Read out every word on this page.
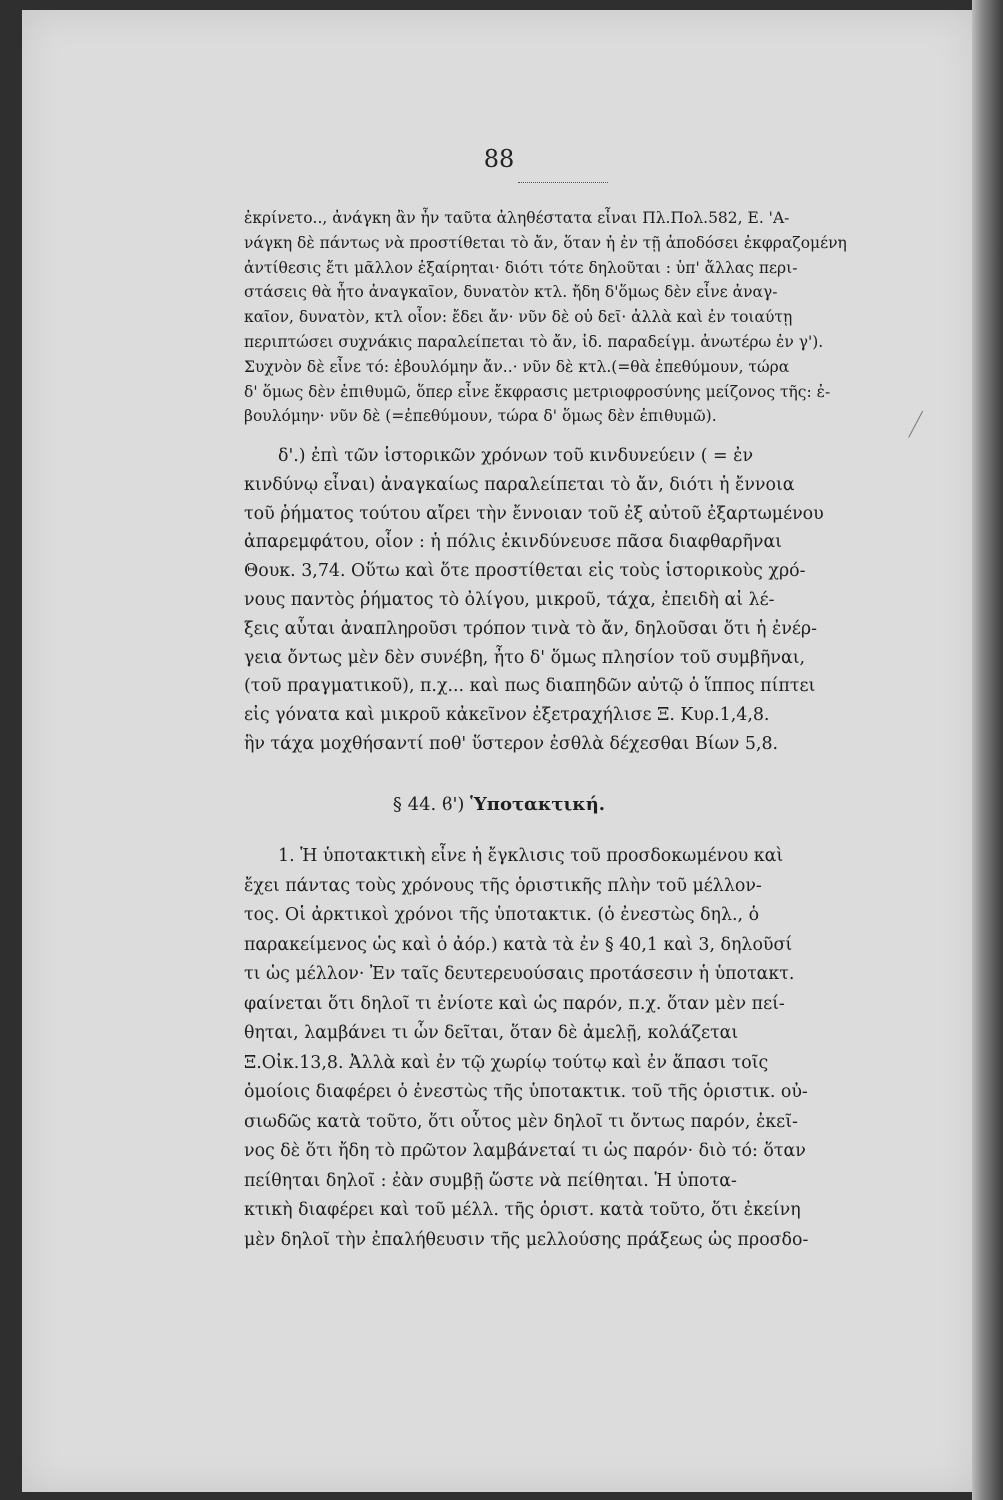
88
ἐκρίνετο.., ἀνάγκη ἂν ἦν ταῦτα ἀληθέστατα εἶναι Πλ.Πολ.582, Ε. 'Α-
νάγκη δὲ πάντως νὰ προστίθεται τὸ ἄν, ὅταν ἡ ἐν τῇ ἀποδόσει ἐκφραζομένη
ἀντίθεσις ἔτι μᾶλλον ἐξαίρηται· διότι τότε δηλοῦται : ὑπ' ἄλλας περι-
στάσεις θὰ ἦτο ἀναγκαῖον, δυνατὸν κτλ. ἤδη δ'ὅμως δὲν εἶνε ἀναγ-
καῖον, δυνατὸν, κτλ οἷον: ἔδει ἄν· νῦν δὲ οὐ δεῖ· ἀλλὰ καὶ ἐν τοιαύτῃ
περιπτώσει συχνάκις παραλείπεται τὸ ἄν, ἰδ. παραδείγμ. ἀνωτέρω ἐν γ').
Συχνὸν δὲ εἶνε τό: ἐβουλόμην ἄν..· νῦν δὲ κτλ.(=θὰ ἐπεθύμουν, τώρα
δ' ὅμως δὲν ἐπιθυμῶ, ὅπερ εἶνε ἔκφρασις μετριοφροσύνης μείζονος τῆς: ἐ-
βουλόμην· νῦν δὲ (=ἐπεθύμουν, τώρα δ' ὅμως δὲν ἐπιθυμῶ).
δ'.) ἐπὶ τῶν ἱστορικῶν χρόνων τοῦ κινδυνεύειν ( = ἐν
κινδύνῳ εἶναι) ἀναγκαίως παραλείπεται τὸ ἄν, διότι ἡ ἔννοια
τοῦ ῥήματος τούτου αἴρει τὴν ἔννοιαν τοῦ ἐξ αὐτοῦ ἐξαρτωμένου
ἀπαρεμφάτου, οἷον : ἡ πόλις ἐκινδύνευσε πᾶσα διαφθαρῆναι
Θουκ. 3,74. Οὕτω καὶ ὅτε προστίθεται εἰς τοὺς ἱστορικοὺς χρό-
νους παντὸς ῥήματος τὸ ὀλίγου, μικροῦ, τάχα, ἐπειδὴ αἱ λέ-
ξεις αὗται ἀναπληροῦσι τρόπον τινὰ τὸ ἄν, δηλοῦσαι ὅτι ἡ ἐνέρ-
γεια ὄντως μὲν δὲν συνέβη, ἦτο δ' ὅμως πλησίον τοῦ συμβῆναι,
(τοῦ πραγματικοῦ), π.χ... καὶ πως διαπηδῶν αὐτῷ ὁ ἵππος πίπτει
εἰς γόνατα καὶ μικροῦ κἀκεῖνον ἐξετραχήλισε Ξ. Κυρ.1,4,8.
ἣν τάχα μοχθήσαντί ποθ' ὕστερον ἐσθλὰ δέχεσθαι Βίων 5,8.
§ 44. ϐ') Ὑποτακτική.
1. Ἡ ὑποτακτικὴ εἶνε ἡ ἔγκλισις τοῦ προσδοκωμένου καὶ
ἔχει πάντας τοὺς χρόνους τῆς ὁριστικῆς πλὴν τοῦ μέλλον-
τος. Οἱ ἀρκτικοὶ χρόνοι τῆς ὑποτακτικ. (ὁ ἐνεστὼς δηλ., ὁ
παρακείμενος ὡς καὶ ὁ ἀόρ.) κατὰ τὰ ἐν § 40,1 καὶ 3, δηλοῦσί
τι ὡς μέλλον· Ἐν ταῖς δευτερευούσαις προτάσεσιν ἡ ὑποτακτ.
φαίνεται ὅτι δηλοῖ τι ἐνίοτε καὶ ὡς παρόν, π.χ. ὅταν μὲν πεί-
θηται, λαμβάνει τι ὧν δεῖται, ὅταν δὲ ἀμελῇ, κολάζεται
Ξ.Οἰκ.13,8. Ἀλλὰ καὶ ἐν τῷ χωρίῳ τούτῳ καὶ ἐν ἅπασι τοῖς
ὁμοίοις διαφέρει ὁ ἐνεστὼς τῆς ὑποτακτικ. τοῦ τῆς ὁριστικ. οὐ-
σιωδῶς κατὰ τοῦτο, ὅτι οὗτος μὲν δηλοῖ τι ὄντως παρόν, ἐκεῖ-
νος δὲ ὅτι ἤδη τὸ πρῶτον λαμβάνεταί τι ὡς παρόν· διὸ τό: ὅταν
πείθηται δηλοῖ : ἐὰν συμβῇ ὥστε νὰ πείθηται. Ἡ ὑποτα-
κτικὴ διαφέρει καὶ τοῦ μέλλ. τῆς ὁριστ. κατὰ τοῦτο, ὅτι ἐκείνη
μὲν δηλοῖ τὴν ἐπαλήθευσιν τῆς μελλούσης πράξεως ὡς προσδο-
